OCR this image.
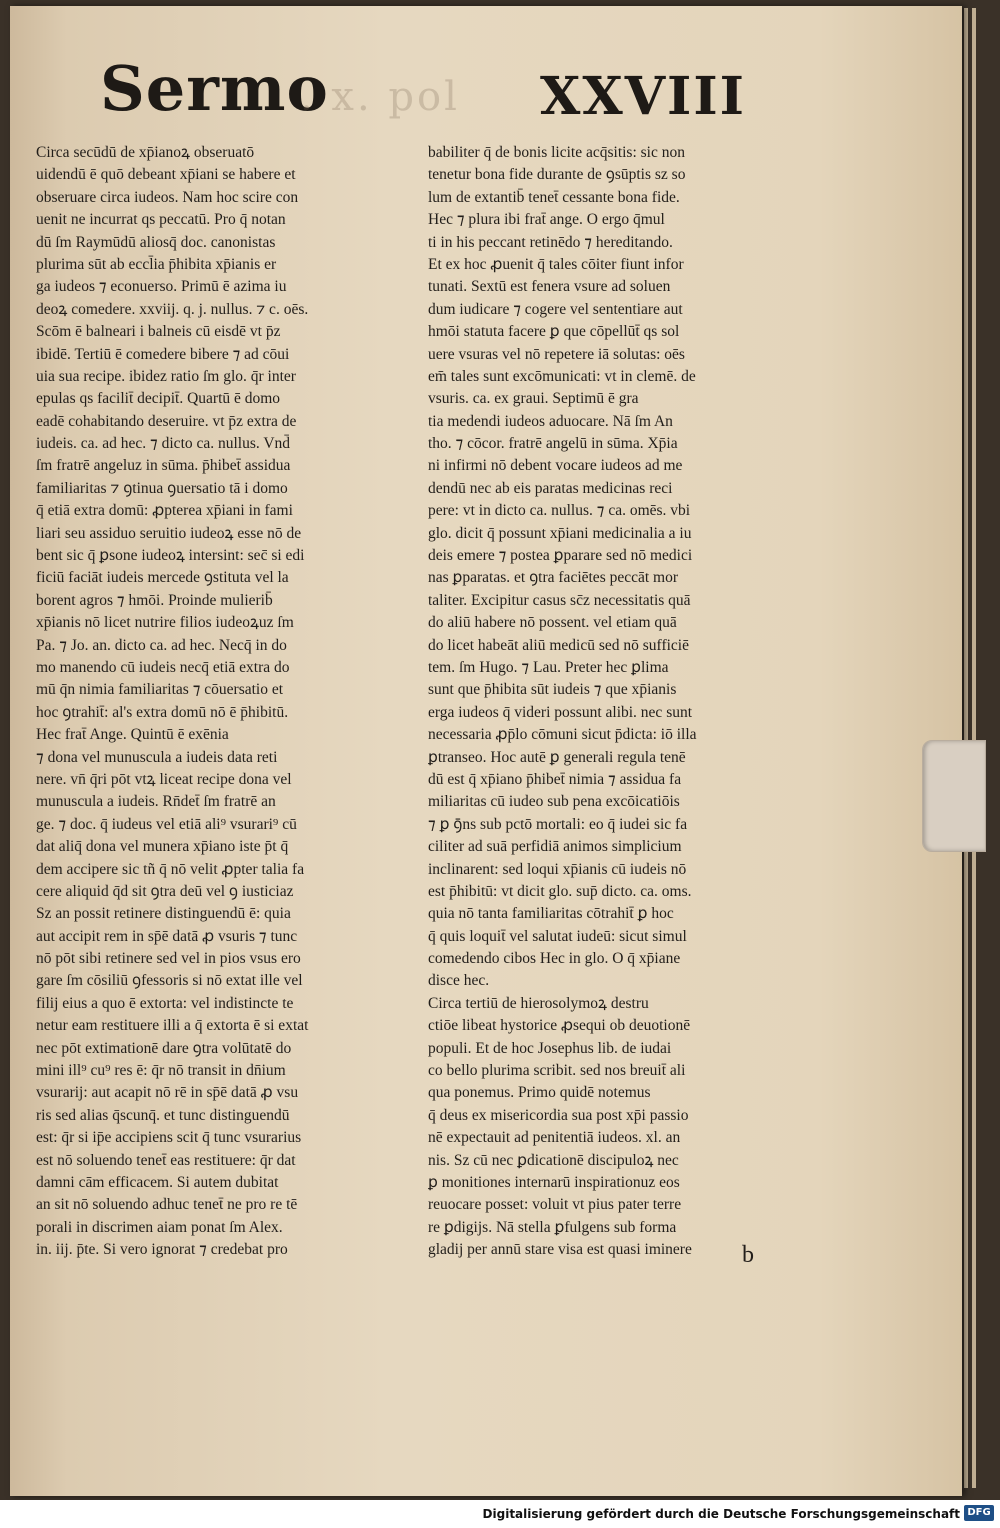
Sermo
. x. pol XXVIII
Circa secūdū de xp̄ianoꝝ obseruatō
uidendū ē quō debeant xp̄iani se habere et
obseruare circa iudeos. Nam hoc scire con
uenit ne incurrat qs peccatū. Pro q̄ notan
dū ſm Raymūdū aliosq̄ doc. canonistas
plurima sūt ab eccl̄ia p̄hibita xp̄ianis er
ga iudeos ⁊ econuerso. Primū ē azima iu
deoꝝ comedere. xxviij. q. j. nullus. ⁊ c. oēs.
Scōm ē balneari i balneis cū eisdē vt p̄z
ibidē. Tertiū ē comedere bibere ⁊ ad cōui
uia sua recipe. ibidez ratio ſm glo. q̄r inter
epulas qs facilit̄ decipit̄. Quartū ē domo
eadē cohabitando deseruire. vt p̄z extra de
iudeis. ca. ad hec. ⁊ dicto ca. nullus. Vnd̄
ſm fratrē angeluz in sūma. p̄hibet̄ assidua
familiaritas ⁊ ꝯtinua ꝯuersatio tā i domo
q̄ etiā extra domū: ꝓpterea xp̄iani in fami
liari seu assiduo seruitio iudeoꝝ esse nō de
bent sic q̄ ꝑsone iudeoꝝ intersint: sec̄ si edi
ficiū faciāt iudeis mercede ꝯstituta vel la
borent agros ⁊ hmōi. Proinde mulierib̄
xp̄ianis nō licet nutrire filios iudeoꝝuz ſm
Pa. ⁊ Jo. an. dicto ca. ad hec. Necq̄ in do
mo manendo cū iudeis necq̄ etiā extra do
mū q̄n nimia familiaritas ⁊ cōuersatio et
hoc ꝯtrahit̄: al's extra domū nō ē p̄hibitū.
Hec frat̄ Ange. Quintū ē exēnia
⁊ dona vel munuscula a iudeis data reti
nere. vn̄ q̄ri pōt vtꝝ liceat recipe dona vel
munuscula a iudeis. Rn̄det̄ ſm fratrē an
ge. ⁊ doc. q̄ iudeus vel etiā ali⁹ vsurari⁹ cū
dat aliq̄ dona vel munera xp̄iano iste p̄t q̄
dem accipere sic tñ q̄ nō velit ꝓpter talia fa
cere aliquid q̄d sit ꝯtra deū vel ꝯ iusticiaz
Sz an possit retinere distinguendū ē: quia
aut accipit rem in sp̄ē datā ꝓ vsuris ⁊ tunc
nō pōt sibi retinere sed vel in pios vsus ero
gare ſm cōsiliū ꝯfessoris si nō extat ille vel
filij eius a quo ē extorta: vel indistincte te
netur eam restituere illi a q̄ extorta ē si extat
nec pōt extimationē dare ꝯtra volūtatē do
mini ill⁹ cu⁹ res ē: q̄r nō transit in dn̄ium
vsurarij: aut acapit nō rē in sp̄ē datā ꝓ vsu
ris sed alias q̄scunq̄. et tunc distinguendū
est: q̄r si ip̄e accipiens scit q̄ tunc vsurarius
est nō soluendo tenet̄ eas restituere: q̄r dat
damni cām efficacem. Si autem dubitat
an sit nō soluendo adhuc tenet̄ ne pro re tē
porali in discrimen aiam ponat ſm Alex.
in. iij. p̄te. Si vero ignorat ⁊ credebat pro
babiliter q̄ de bonis licite acq̄sitis: sic non
tenetur bona fide durante de ꝯsūptis sz so
lum de extantib̄ tenet̄ cessante bona fide.
Hec ⁊ plura ibi frat̄ ange. O ergo q̄mul
ti in his peccant retinēdo ⁊ hereditando.
Et ex hoc ꝓuenit q̄ tales cōiter fiunt infor
tunati. Sextū est fenera vsure ad soluen
dum iudicare ⁊ cogere vel sententiare aut
hmōi statuta facere ꝑ que cōpellūt̄ qs sol
uere vsuras vel nō repetere iā solutas: oēs
em̄ tales sunt excōmunicati: vt in clemē. de
vsuris. ca. ex graui. Septimū ē gra
tia medendi iudeos aduocare. Nā ſm An
tho. ⁊ cōcor. fratrē angelū in sūma. Xp̄ia
ni infirmi nō debent vocare iudeos ad me
dendū nec ab eis paratas medicinas reci
pere: vt in dicto ca. nullus. ⁊ ca. omēs. vbi
glo. dicit q̄ possunt xp̄iani medicinalia a iu
deis emere ⁊ postea ꝑparare sed nō medici
nas ꝑparatas. et ꝯtra faciētes peccāt mor
taliter. Excipitur casus sc̄z necessitatis quā
do aliū habere nō possent. vel etiam quā
do licet habeāt aliū medicū sed nō sufficiē
tem. ſm Hugo. ⁊ Lau. Preter hec ꝑlima
sunt que p̄hibita sūt iudeis ⁊ que xp̄ianis
erga iudeos q̄ videri possunt alibi. nec sunt
necessaria ꝓp̄lo cōmuni sicut p̄dicta: iō illa
ꝑtranseo. Hoc autē ꝑ generali regula tenē
dū est q̄ xp̄iano p̄hibet̄ nimia ⁊ assidua fa
miliaritas cū iudeo sub pena excōicatiōis
⁊ ꝑ ꝯ̄ns sub pctō mortali: eo q̄ iudei sic fa
ciliter ad suā perfidiā animos simplicium
inclinarent: sed loqui xp̄ianis cū iudeis nō
est p̄hibitū: vt dicit glo. sup̄ dicto. ca. oms.
quia nō tanta familiaritas cōtrahit̄ ꝑ hoc
q̄ quis loquit̄ vel salutat iudeū: sicut simul
comedendo cibos Hec in glo. O q̄ xp̄iane
disce hec.
Circa tertiū de hierosolymoꝝ destru
ctiōe libeat hystorice ꝓsequi ob deuotionē
populi. Et de hoc Josephus lib. de iudai
co bello plurima scribit. sed nos breuit̄ ali
qua ponemus. Primo quidē notemus
q̄ deus ex misericordia sua post xp̄i passio
nē expectauit ad penitentiā iudeos. xl. an
nis. Sz cū nec ꝑdicationē discipuloꝝ nec
ꝑ monitiones internarū inspirationuz eos
reuocare posset: voluit vt pius pater terre
re ꝑdigijs. Nā stella ꝑfulgens sub forma
gladij per annū stare visa est quasi iminere	b
Digitalisierung gefördert durch die Deutsche Forschungsgemeinschaft DFG
